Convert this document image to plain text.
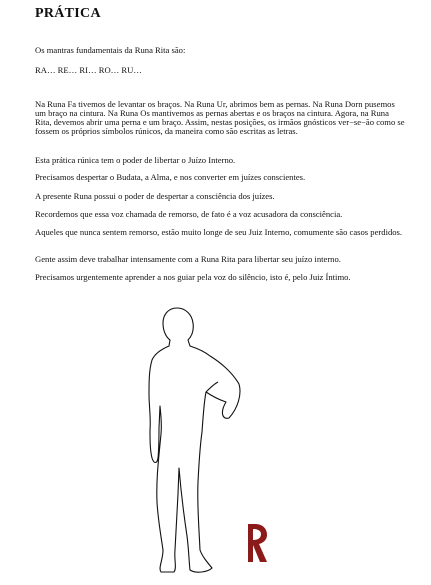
PRÁTICA

Os mantras fundamentais da Runa Rita são:

RA… RE… RI… RO… RU…

Na Runa Fa tivemos de levantar os braços. Na Runa Ur, abrimos bem as pernas. Na Runa Dorn pusemos um braço na cintura. Na Runa Os mantivemos as pernas abertas e os braços na cintura. Agora, na Runa Rita, devemos abrir uma perna e um braço. Assim, nestas posições, os irmãos gnósticos ver−se−ão como se fossem os próprios símbolos rúnicos, da maneira como são escritas as letras.

Esta prática rúnica tem o poder de libertar o Juízo Interno.

Precisamos despertar o Budata, a Alma, e nos converter em juízes conscientes.

A presente Runa possui o poder de despertar a consciência dos juízes.

Recordemos que essa voz chamada de remorso, de fato é a voz acusadora da consciência.

Aqueles que nunca sentem remorso, estão muito longe de seu Juiz Interno, comumente são casos perdidos.

Gente assim deve trabalhar intensamente com a Runa Rita para libertar seu juízo interno.

Precisamos urgentemente aprender a nos guiar pela voz do silêncio, isto é, pelo Juiz Íntimo.
